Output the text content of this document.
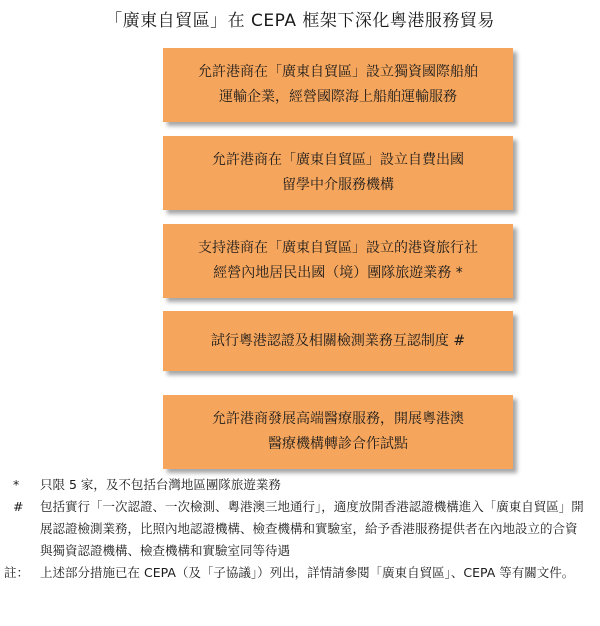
「廣東自貿區」在 CEPA 框架下深化粵港服務貿易
允許港商在「廣東自貿區」設立獨資國際船舶
運輸企業，經營國際海上船舶運輸服務
允許港商在「廣東自貿區」設立自費出國
留學中介服務機構
支持港商在「廣東自貿區」設立的港資旅行社
經營內地居民出國（境）團隊旅遊業務 *
試行粵港認證及相關檢測業務互認制度 #
允許港商發展高端醫療服務，開展粵港澳
醫療機構轉診合作試點
* 只限 5 家，及不包括台灣地區團隊旅遊業務
# 包括實行「一次認證、一次檢測、粵港澳三地通行」，適度放開香港認證機構進入「廣東自貿區」開展認證檢測業務，比照內地認證機構、檢查機構和實驗室，給予香港服務提供者在內地設立的合資與獨資認證機構、檢查機構和實驗室同等待遇
註： 上述部分措施已在 CEPA（及「子協議」）列出，詳情請參閱「廣東自貿區」、CEPA 等有關文件。
